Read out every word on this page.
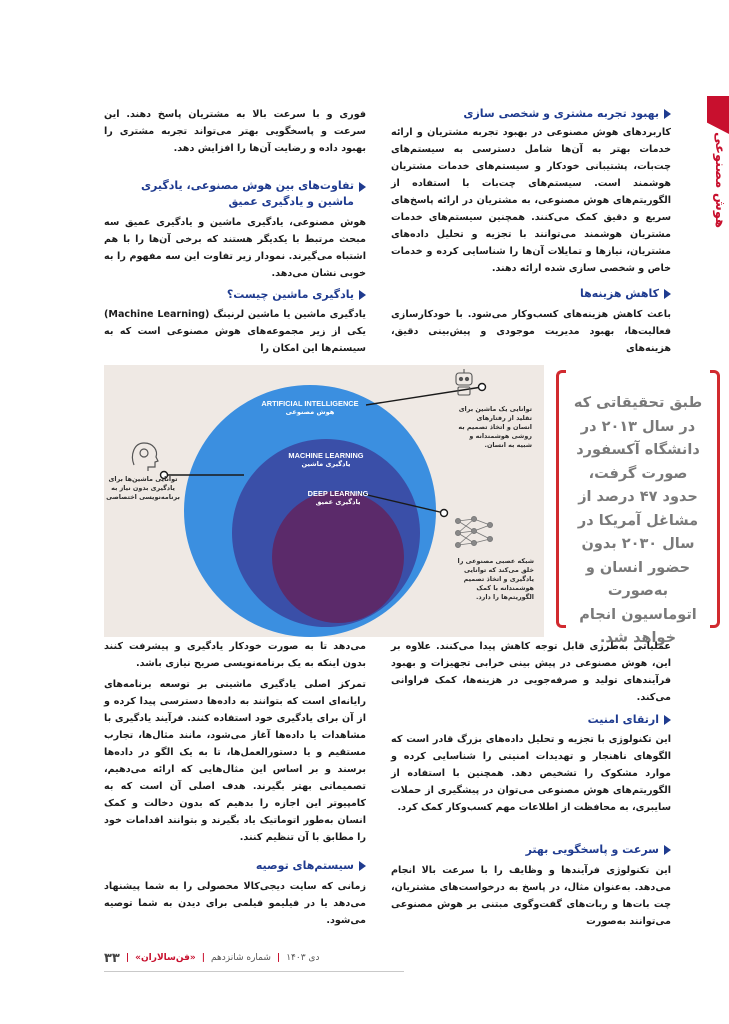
هوش مصنوعی
بهبود تجربه مشتری و شخصی سازی
کاربردهای هوش مصنوعی در بهبود تجربه مشتریان و ارائه خدمات بهتر به آن‌ها شامل دسترسی به سیستم‌های چت‌بات، پشتیبانی خودکار و سیستم‌های خدمات مشتریان هوشمند است. سیستم‌های چت‌بات با استفاده از الگوریتم‌های هوش مصنوعی، به مشتریان در ارائه پاسخ‌های سریع و دقیق کمک می‌کنند. همچنین سیستم‌های خدمات مشتریان هوشمند می‌توانند با تجزیه و تحلیل داده‌های مشتریان، نیازها و تمایلات آن‌ها را شناسایی کرده و خدمات خاص و شخصی سازی شده ارائه دهند.
کاهش هزینه‌ها
باعث کاهش هزینه‌های کسب‌وکار می‌شود. با خودکارسازی فعالیت‌ها، بهبود مدیریت موجودی و پیش‌بینی دقیق، هزینه‌های
فوری و با سرعت بالا به مشتریان پاسخ دهند. این سرعت و پاسخگویی بهتر می‌تواند تجربه مشتری را بهبود داده و رضایت آن‌ها را افزایش دهد.
تفاوت‌های بین هوش مصنوعی، یادگیری ماشین و یادگیری عمیق
هوش مصنوعی، یادگیری ماشین و یادگیری عمیق سه مبحث مرتبط با یکدیگر هستند که برخی آن‌ها را با هم اشتباه می‌گیرند. نمودار زیر تفاوت این سه مفهوم را به خوبی نشان می‌دهد.
یادگیری ماشین چیست؟
یادگیری ماشین یا ماشین لرنینگ (Machine Learning) یکی از زیر مجموعه‌های هوش مصنوعی است که به سیستم‌ها این امکان را
ARTIFICIAL INTELLIGENCE
هوش مصنوعی
MACHINE LEARNING
یادگیری ماشین
DEEP LEARNING
یادگیری عمیق
توانایی یک ماشین برای تقلید از رفتارهای انسان و اتخاذ تصمیم به روشی هوشمندانه و شبیه به انسان.
توانایی ماشین‌ها برای یادگیری بدون نیاز به برنامه‌نویسی اختصاصی
شبکه عصبی مصنوعی را خلق می‌کند که توانایی یادگیری و اتخاذ تصمیم هوشمندانه با کمک الگوریتم‌ها را دارد.
طبق تحقیقاتی که در سال ۲۰۱۳ در دانشگاه آکسفورد صورت گرفت، حدود ۴۷ درصد از مشاغل آمریکا در سال ۲۰۳۰ بدون حضور انسان و به‌صورت اتوماسیون انجام خواهد شد.
عملیاتی به‌طرزی قابل توجه کاهش پیدا می‌کنند. علاوه بر این، هوش مصنوعی در پیش بینی خرابی تجهیزات و بهبود فرآیندهای تولید و صرفه‌جویی در هزینه‌ها، کمک فراوانی می‌کند.
ارتقای امنیت
این تکنولوژی با تجزیه و تحلیل داده‌های بزرگ قادر است که الگوهای ناهنجار و تهدیدات امنیتی را شناسایی کرده و موارد مشکوک را تشخیص دهد. همچنین با استفاده از الگوریتم‌های هوش مصنوعی می‌توان در پیشگیری از حملات سایبری، به محافظت از اطلاعات مهم کسب‌وکار کمک کرد.
سرعت و پاسخگویی بهتر
این تکنولوژی فرآیندها و وظایف را با سرعت بالا انجام می‌دهد. به‌عنوان مثال، در پاسخ به درخواست‌های مشتریان، چت بات‌ها و ربات‌های گفت‌وگوی مبتنی بر هوش مصنوعی می‌توانند به‌صورت
می‌دهد تا به صورت خودکار یادگیری و پیشرفت کنند بدون اینکه به یک برنامه‌نویسی صریح نیازی باشد.
تمرکز اصلی یادگیری ماشینی بر توسعه برنامه‌های رایانه‌ای است که بتوانند به داده‌ها دسترسی پیدا کرده و از آن برای یادگیری خود استفاده کنند. فرآیند یادگیری با مشاهدات یا داده‌ها آغاز می‌شود، مانند مثال‌ها، تجارب مستقیم و یا دستورالعمل‌ها، تا به یک الگو در داده‌ها برسند و بر اساس این مثال‌هایی که ارائه می‌دهیم، تصمیماتی بهتر بگیرند. هدف اصلی آن است که به کامپیوتر این اجازه را بدهیم که بدون دخالت و کمک انسان به‌طور اتوماتیک یاد بگیرند و بتوانند اقدامات خود را مطابق با آن تنظیم کنند.
سیستم‌های توصیه
زمانی که سایت دیجی‌کالا محصولی را به شما پیشنهاد می‌دهد یا در فیلیمو فیلمی برای دیدن به شما توصیه می‌شود.
۳۳ | «فن‌سالاران» | شماره شانزدهم | دی ۱۴۰۳
